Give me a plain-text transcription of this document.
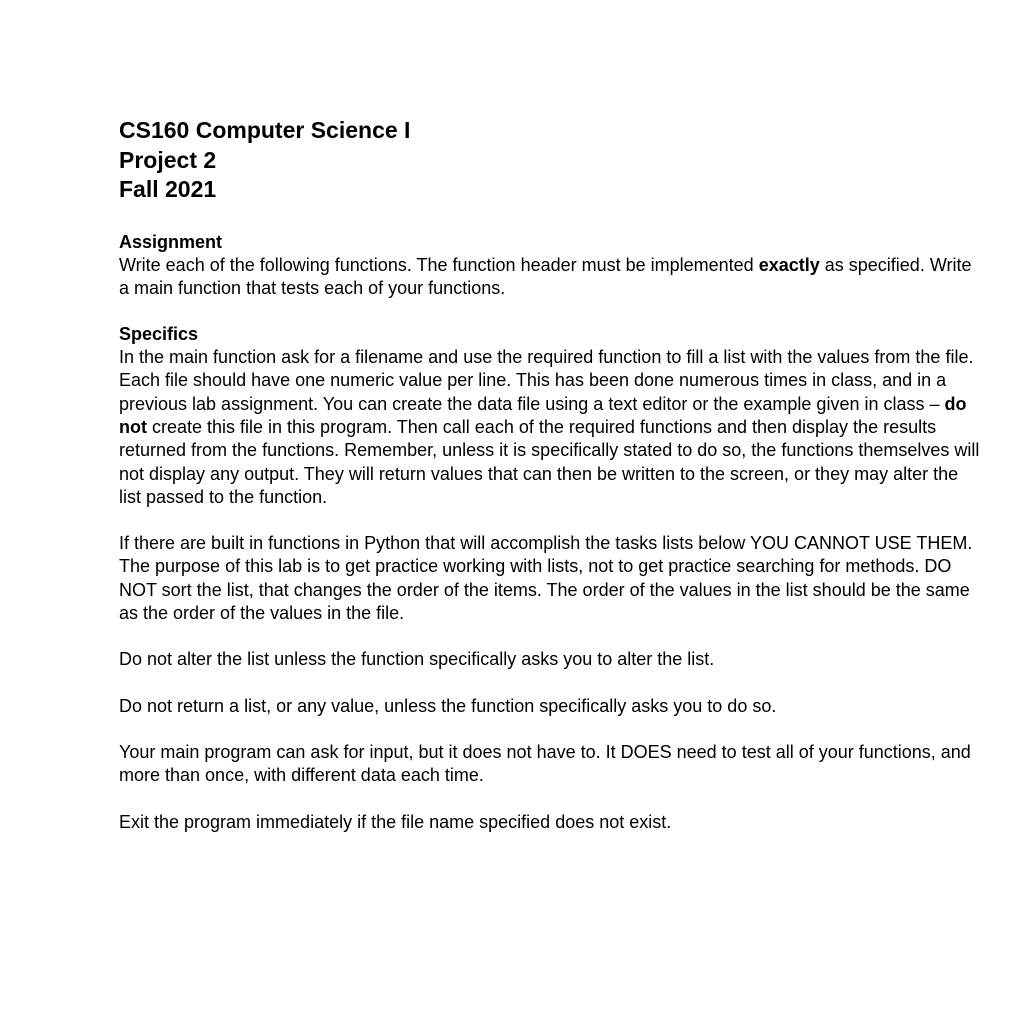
CS160 Computer Science I
Project 2
Fall 2021
Assignment

Write each of the following functions. The function header must be implemented exactly as specified. Write a main function that tests each of your functions.

Specifics

In the main function ask for a filename and use the required function to fill a list with the values from the file. Each file should have one numeric value per line. This has been done numerous times in class, and in a previous lab assignment. You can create the data file using a text editor or the example given in class – do not create this file in this program. Then call each of the required functions and then display the results returned from the functions. Remember, unless it is specifically stated to do so, the functions themselves will not display any output. They will return values that can then be written to the screen, or they may alter the list passed to the function.

If there are built in functions in Python that will accomplish the tasks lists below YOU CANNOT USE THEM. The purpose of this lab is to get practice working with lists, not to get practice searching for methods. DO NOT sort the list, that changes the order of the items. The order of the values in the list should be the same as the order of the values in the file.

Do not alter the list unless the function specifically asks you to alter the list.

Do not return a list, or any value, unless the function specifically asks you to do so.

Your main program can ask for input, but it does not have to. It DOES need to test all of your functions, and more than once, with different data each time.

Exit the program immediately if the file name specified does not exist.
